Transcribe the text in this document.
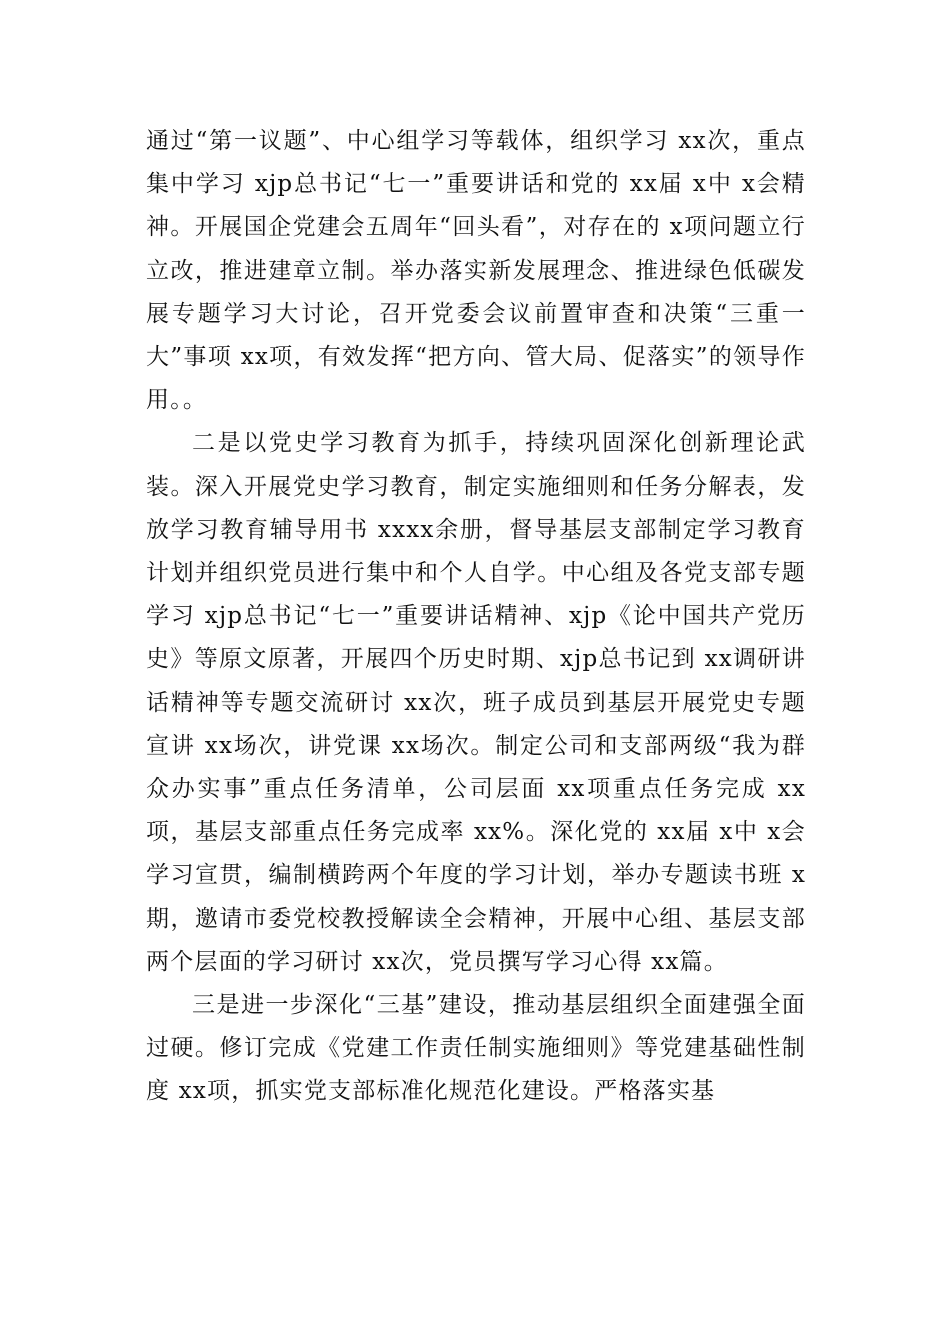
通过“第一议题”、中心组学习等载体，组织学习 xx次，重点集中学习 xjp总书记“七一”重要讲话和党的 xx届 x中 x会精神。开展国企党建会五周年“回头看”，对存在的 x项问题立行立改，推进建章立制。举办落实新发展理念、推进绿色低碳发展专题学习大讨论，召开党委会议前置审查和决策“三重一大”事项 xx项，有效发挥“把方向、管大局、促落实”的领导作用。。

二是以党史学习教育为抓手，持续巩固深化创新理论武装。深入开展党史学习教育，制定实施细则和任务分解表，发放学习教育辅导用书 xxxx余册，督导基层支部制定学习教育计划并组织党员进行集中和个人自学。中心组及各党支部专题学习 xjp总书记“七一”重要讲话精神、xjp《论中国共产党历史》等原文原著，开展四个历史时期、xjp总书记到 xx调研讲话精神等专题交流研讨 xx次，班子成员到基层开展党史专题宣讲 xx场次，讲党课 xx场次。制定公司和支部两级“我为群众办实事”重点任务清单，公司层面 xx项重点任务完成 xx项，基层支部重点任务完成率 xx%。深化党的 xx届 x中 x会学习宣贯，编制横跨两个年度的学习计划，举办专题读书班 x期，邀请市委党校教授解读全会精神，开展中心组、基层支部两个层面的学习研讨 xx次，党员撰写学习心得 xx篇。

三是进一步深化“三基”建设，推动基层组织全面建强全面过硬。修订完成《党建工作责任制实施细则》等党建基础性制度 xx项，抓实党支部标准化规范化建设。严格落实基
